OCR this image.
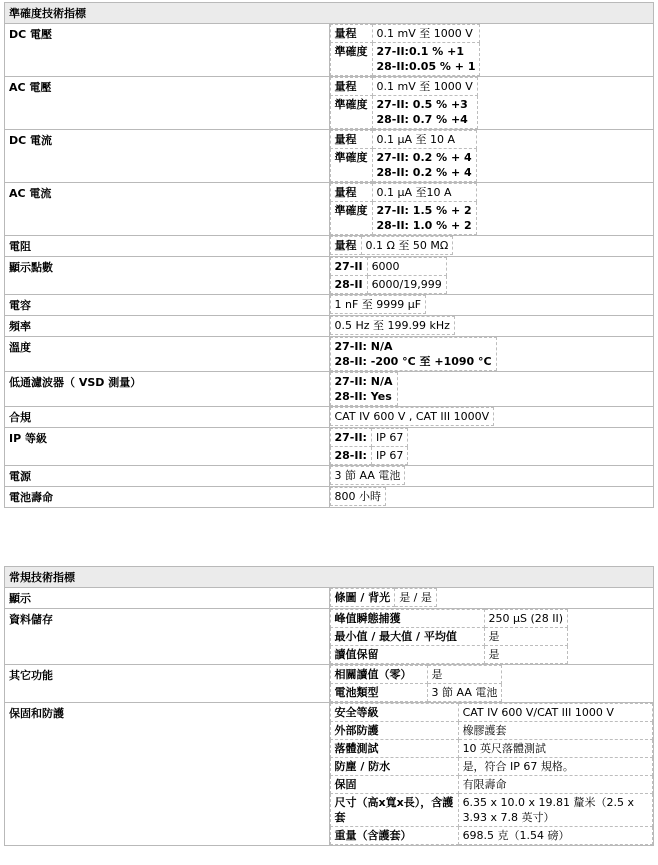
準確度技術指標
DC 電壓		量程	0.1 mV 至 1000 V
準確度	27-II:0.1 % +1
28-II:0.05 % + 1

AC 電壓		量程	0.1 mV 至 1000 V
準確度	27-II: 0.5 % +3
28-II: 0.7 % +4

DC 電流		量程	0.1 μA 至 10 A
準確度	27-II: 0.2 % + 4
28-II: 0.2 % + 4

AC 電流		量程	0.1 μA 至10 A
準確度	27-II: 1.5 % + 2
28-II: 1.0 % + 2

電阻		量程	0.1 Ω 至 50 MΩ

顯示點數		27-II	6000
28-II	6000/19,999

電容		1 nF 至 9999 μF

頻率		0.5 Hz 至 199.99 kHz

溫度		27-II: N/A
28-II: -200 °C 至 +1090 °C

低通濾波器（ VSD 測量）		27-II: N/A
28-II: Yes

合規		CAT IV 600 V , CAT III 1000V

IP 等級		27-II:	IP 67
28-II:	IP 67

電源		3 節 AA 電池

電池壽命		800 小時
常規技術指標
顯示		條圖 / 背光	是 / 是

資料儲存		峰值瞬態捕獲	250 μS (28 II)
最小值 / 最大值 / 平均值	是
讀值保留	是

其它功能		相關讀值（零）	是
電池類型	3 節 AA 電池

保固和防護		安全等級	CAT IV 600 V/CAT III 1000 V
外部防護	橡膠護套
落體測試	10 英尺落體測試
防塵 / 防水	是，符合 IP 67 規格。
保固	有限壽命
尺寸（高x寬x長），含護套	6.35 x 10.0 x 19.81 釐米（2.5 x 3.93 x 7.8 英寸）
重量（含護套）	698.5 克（1.54 磅）
